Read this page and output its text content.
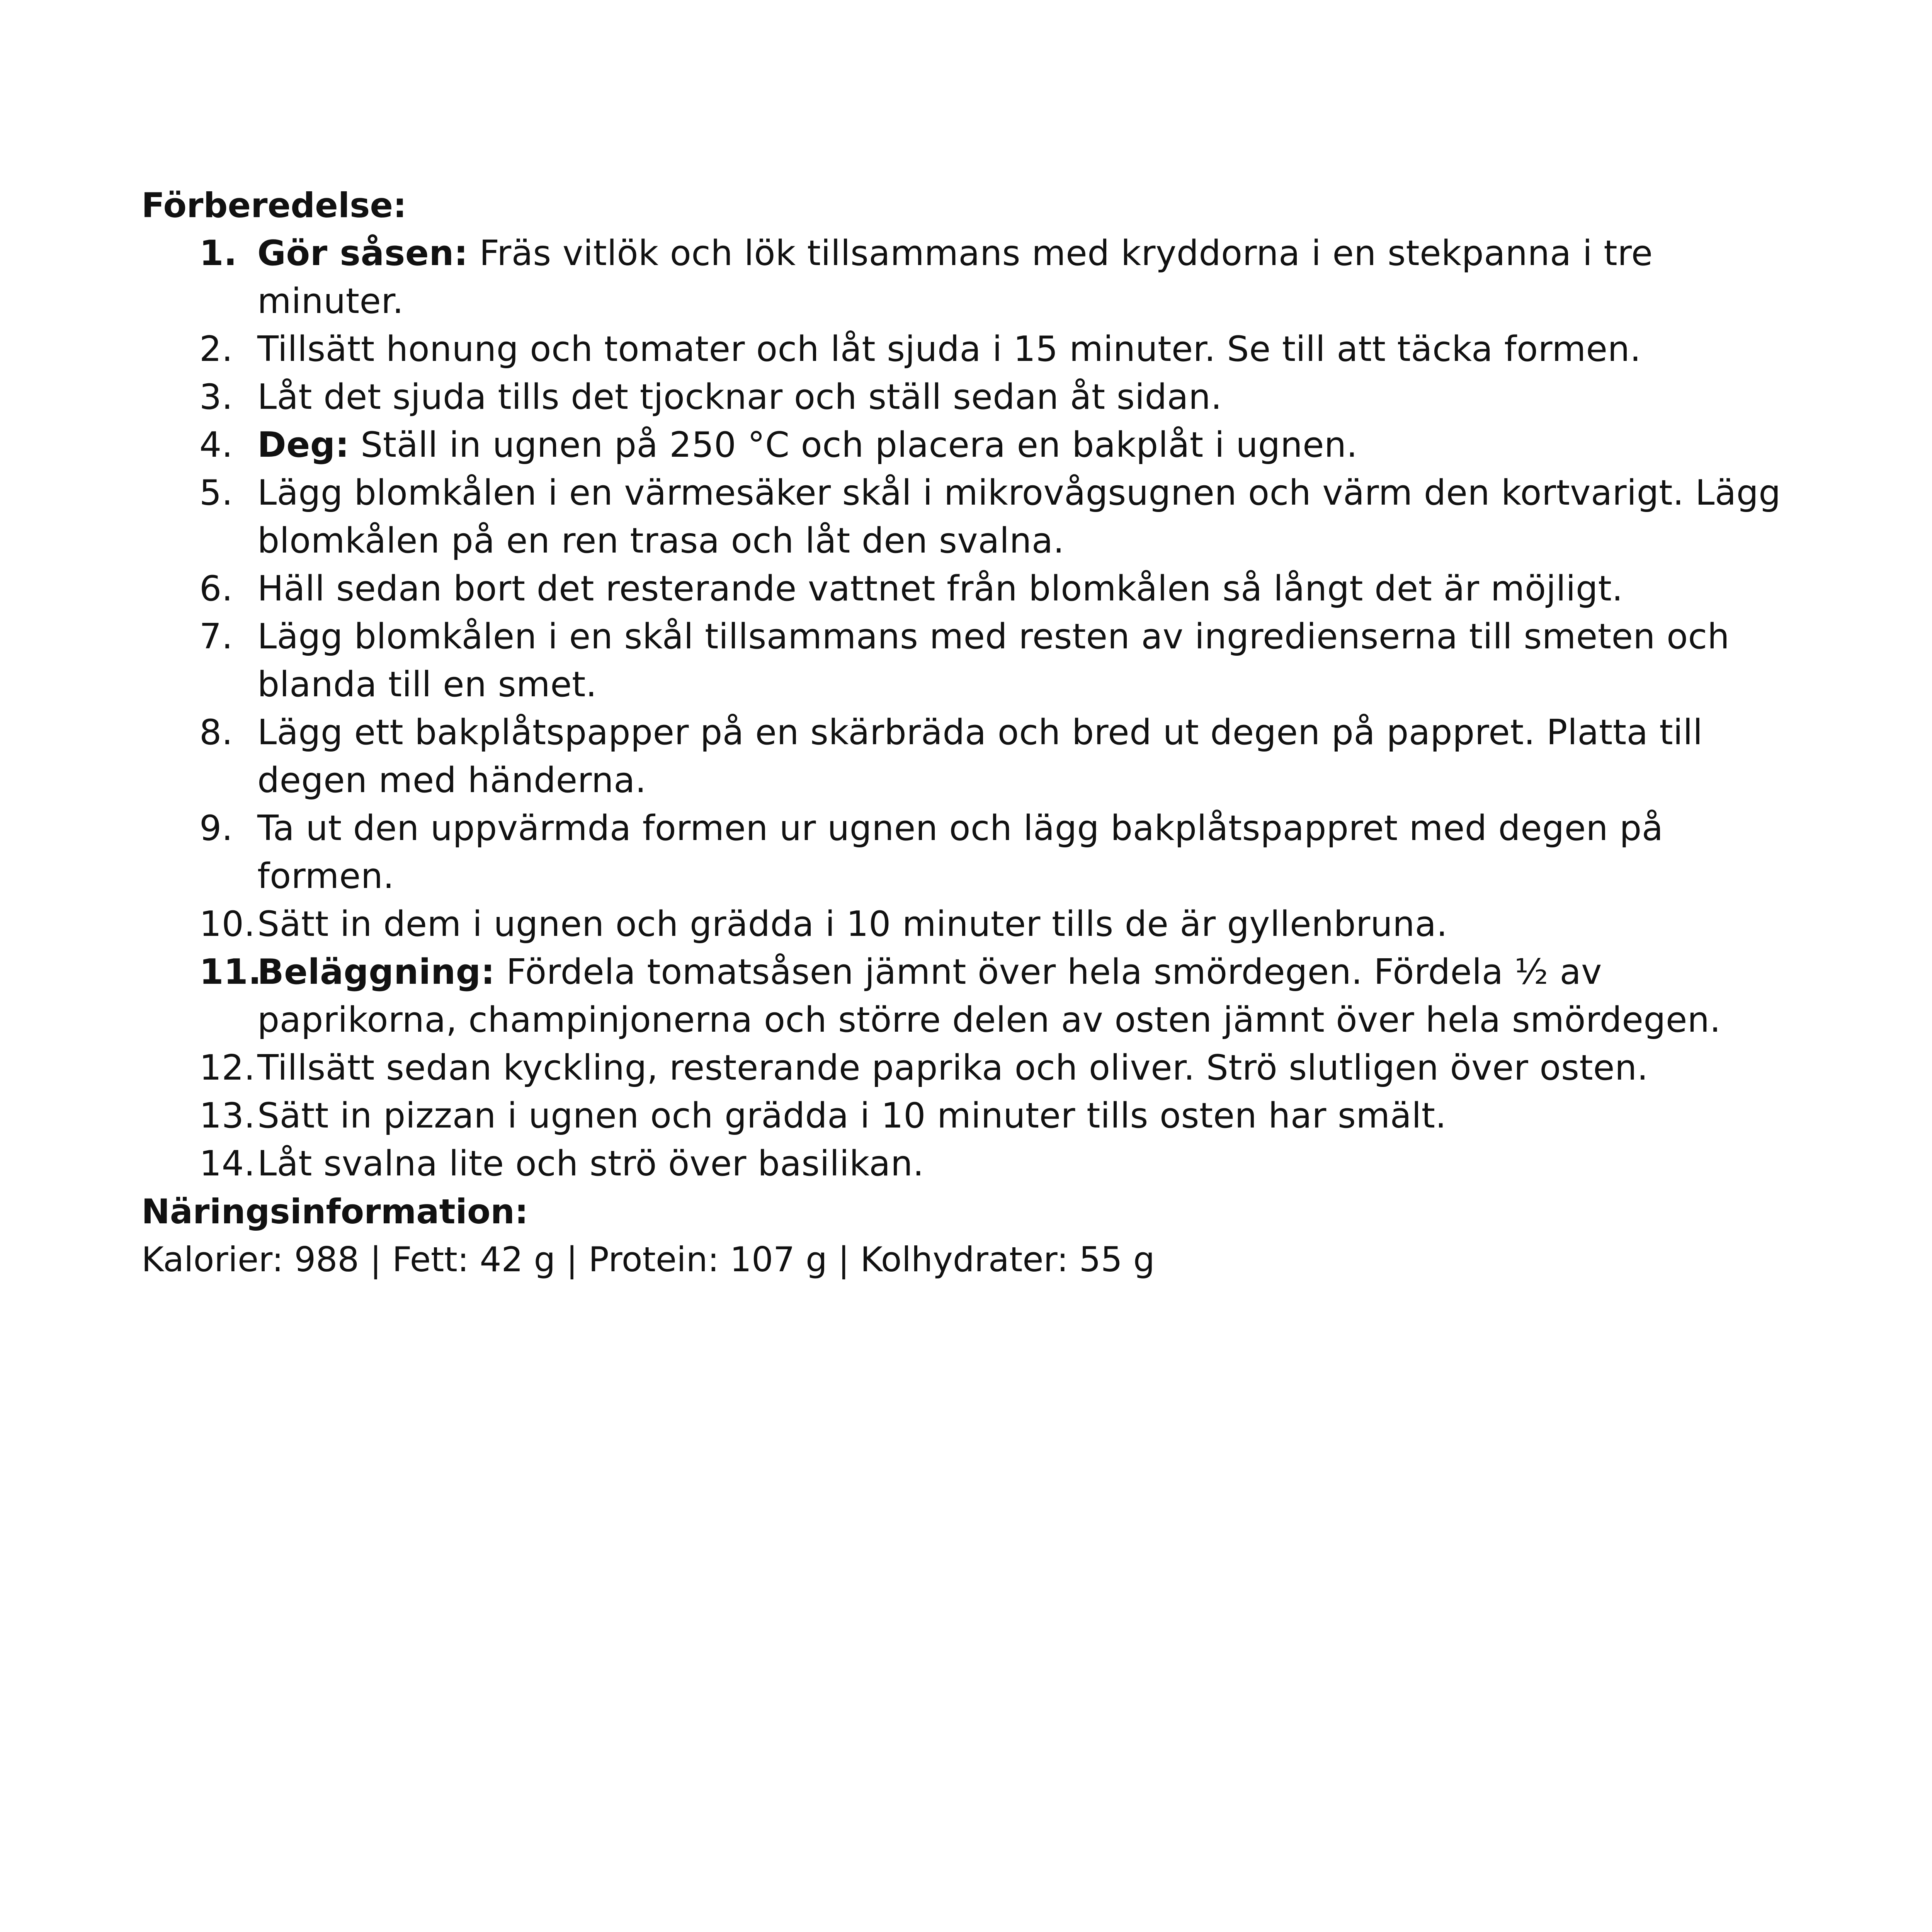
Förberedelse:

1. Gör såsen: Fräs vitlök och lök tillsammans med kryddorna i en stekpanna i tre minuter.
2. Tillsätt honung och tomater och låt sjuda i 15 minuter. Se till att täcka formen.
3. Låt det sjuda tills det tjocknar och ställ sedan åt sidan.
4. Deg: Ställ in ugnen på 250 °C och placera en bakplåt i ugnen.
5. Lägg blomkålen i en värmesäker skål i mikrovågsugnen och värm den kortvarigt. Lägg blomkålen på en ren trasa och låt den svalna.
6. Häll sedan bort det resterande vattnet från blomkålen så långt det är möjligt.
7. Lägg blomkålen i en skål tillsammans med resten av ingredienserna till smeten och blanda till en smet.
8. Lägg ett bakplåtspapper på en skärbräda och bred ut degen på pappret. Platta till degen med händerna.
9. Ta ut den uppvärmda formen ur ugnen och lägg bakplåtspappret med degen på formen.
10. Sätt in dem i ugnen och grädda i 10 minuter tills de är gyllenbruna.
11.
Beläggning: Fördela tomatsåsen jämnt över hela smördegen. Fördela ½ av paprikorna, champinjonerna och större delen av osten jämnt över hela smördegen.
12. Tillsätt sedan kyckling, resterande paprika och oliver. Strö slutligen över osten.
13. Sätt in pizzan i ugnen och grädda i 10 minuter tills osten har smält.
14. Låt svalna lite och strö över basilikan.

Näringsinformation:

Kalorier: 988 | Fett: 42 g | Protein: 107 g | Kolhydrater: 55 g
